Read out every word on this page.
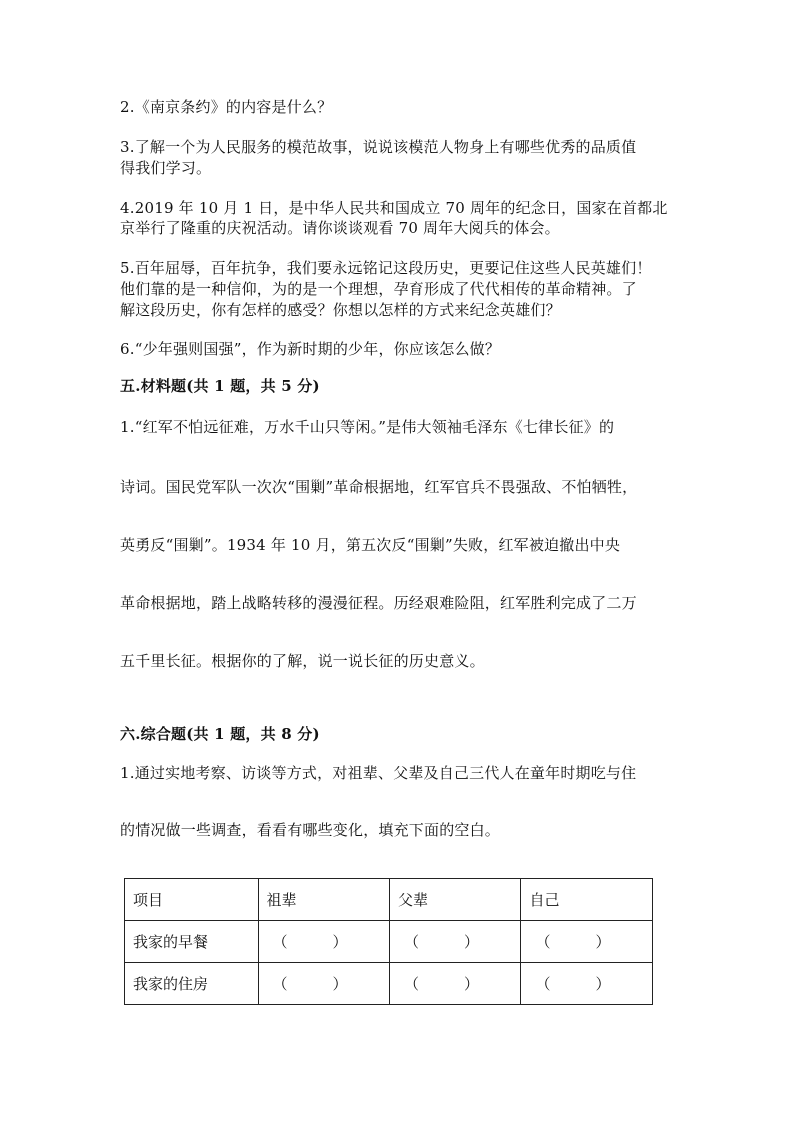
2.《南京条约》的内容是什么？
3.了解一个为人民服务的模范故事，说说该模范人物身上有哪些优秀的品质值
得我们学习。
4.2019 年 10 月 1 日，是中华人民共和国成立 70 周年的纪念日，国家在首都北
京举行了隆重的庆祝活动。请你谈谈观看 70 周年大阅兵的体会。
5.百年屈辱，百年抗争，我们要永远铭记这段历史，更要记住这些人民英雄们！
他们靠的是一种信仰，为的是一个理想，孕育形成了代代相传的革命精神。了
解这段历史，你有怎样的感受？你想以怎样的方式来纪念英雄们？
6.“少年强则国强”，作为新时期的少年，你应该怎么做？
五.材料题(共 1 题，共 5 分)
1.“红军不怕远征难，万水千山只等闲。”是伟大领袖毛泽东《七律长征》的
诗词。国民党军队一次次“围剿”革命根据地，红军官兵不畏强敌、不怕牺牲，
英勇反“围剿”。1934 年 10 月，第五次反“围剿”失败，红军被迫撤出中央
革命根据地，踏上战略转移的漫漫征程。历经艰难险阻，红军胜利完成了二万
五千里长征。根据你的了解，说一说长征的历史意义。
六.综合题(共 1 题，共 8 分)
1.通过实地考察、访谈等方式，对祖辈、父辈及自己三代人在童年时期吃与住
的情况做一些调查，看看有哪些变化，填充下面的空白。
项目	祖辈	父辈	自己
我家的早餐	（　　　）	（　　　）	（　　　）
我家的住房	（　　　）	（　　　）	（　　　）
